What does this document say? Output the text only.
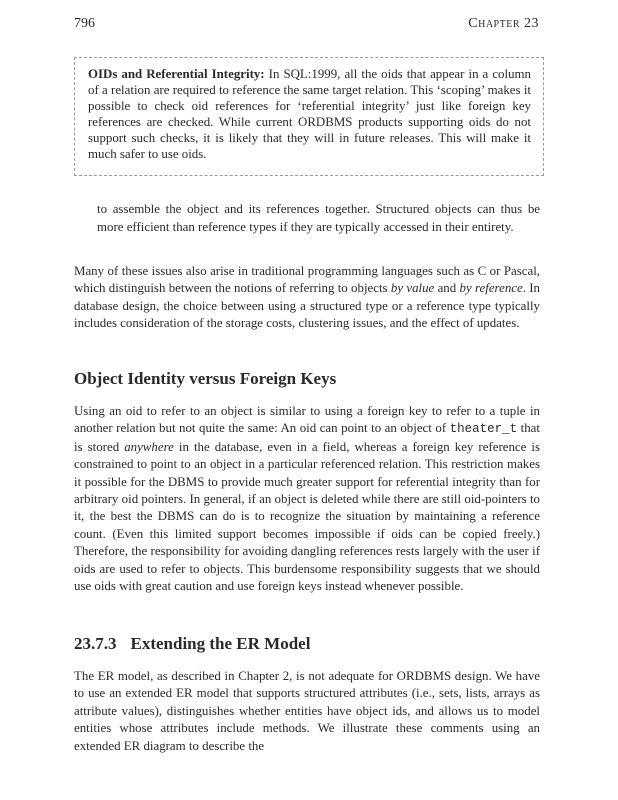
796	Chapter 23
OIDs and Referential Integrity: In SQL:1999, all the oids that appear in a column of a relation are required to reference the same target relation. This ‘scoping’ makes it possible to check oid references for ‘referential integrity’ just like foreign key references are checked. While current ORDBMS products supporting oids do not support such checks, it is likely that they will in future releases. This will make it much safer to use oids.
to assemble the object and its references together. Structured objects can thus be more efficient than reference types if they are typically accessed in their entirety.
Many of these issues also arise in traditional programming languages such as C or Pascal, which distinguish between the notions of referring to objects by value and by reference. In database design, the choice between using a structured type or a reference type typically includes consideration of the storage costs, clustering issues, and the effect of updates.
Object Identity versus Foreign Keys
Using an oid to refer to an object is similar to using a foreign key to refer to a tuple in another relation but not quite the same: An oid can point to an object of theater_t that is stored anywhere in the database, even in a field, whereas a foreign key reference is constrained to point to an object in a particular referenced relation. This restriction makes it possible for the DBMS to provide much greater support for referential integrity than for arbitrary oid pointers. In general, if an object is deleted while there are still oid-pointers to it, the best the DBMS can do is to recognize the situation by maintaining a reference count. (Even this limited support becomes impossible if oids can be copied freely.) Therefore, the responsibility for avoiding dangling references rests largely with the user if oids are used to refer to objects. This burdensome responsibility suggests that we should use oids with great caution and use foreign keys instead whenever possible.
23.7.3 Extending the ER Model
The ER model, as described in Chapter 2, is not adequate for ORDBMS design. We have to use an extended ER model that supports structured attributes (i.e., sets, lists, arrays as attribute values), distinguishes whether entities have object ids, and allows us to model entities whose attributes include methods. We illustrate these comments using an extended ER diagram to describe the
